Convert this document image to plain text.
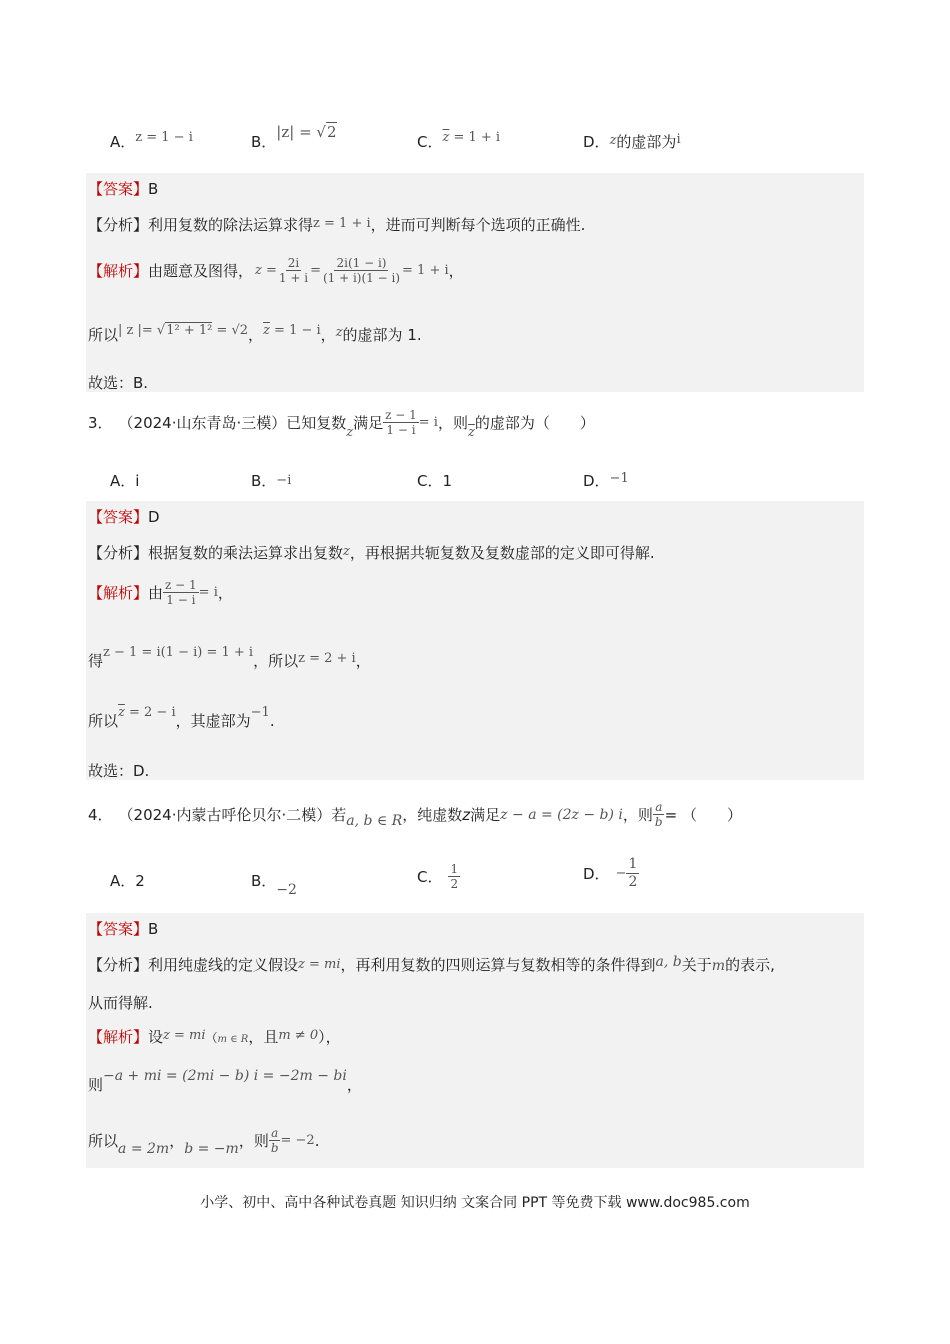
A．z = 1 − i	B．|z| = √2
C．$\overline{z} = 1 + i$	D．z的虚部为i
【答案】B
【分析】利用复数的除法运算求得z = 1 + i，进而可判断每个选项的正确性.
【解析】 由题意及图得， $z = \frac{2i}{1 + i} = \frac{2i(1 - i)}{(1 + i)(1 - i)} = 1 + i$ ，
所以| z |= √1² + 1² = √2，$\overline{z} = 1 - i$，z的虚部为 1.
故选：B.
3． （2024·山东青岛·三模）已知复数
z
满足 $\frac{z - 1}{1 - i} = i$ ，则
$\overline{z}$
的虚部为（　　）
A．i	B．−i	C．1	D．−1
【答案】D
【分析】根据复数的乘法运算求出复数z，再根据共轭复数及复数虚部的定义即可得解.
【解析】 由 $\frac{z - 1}{1 - i} = i$ ，
得z − 1 = i(1 − i) = 1 + i，所以z = 2 + i，
所以$\overline{z} = 2 - i$，其虚部为−1.
故选：D.
4． （2024·内蒙古呼伦贝尔·二模）若 a, b ∈ R ，纯虚数 z 满足 z − a = (2z − b) i ，则 $\frac{a}{b}$ = （　　）
A．2	B．−2
C． $\frac{1}{2}$	D． − $\frac{1}{2}$
【答案】B
【分析】利用纯虚线的定义假设z = mi，再利用复数的四则运算与复数相等的条件得到a, b关于m的表示,
从而得解.
【解析】设z = mi（m ∈ R，且m ≠ 0），
则−a + mi = (2mi − b) i = −2m − bi，
所以 a = 2m ， b = −m ，则 $\frac{a}{b} = -2$ .
小学、初中、高中各种试卷真题 知识归纳 文案合同 PPT 等免费下载 www.doc985.com
